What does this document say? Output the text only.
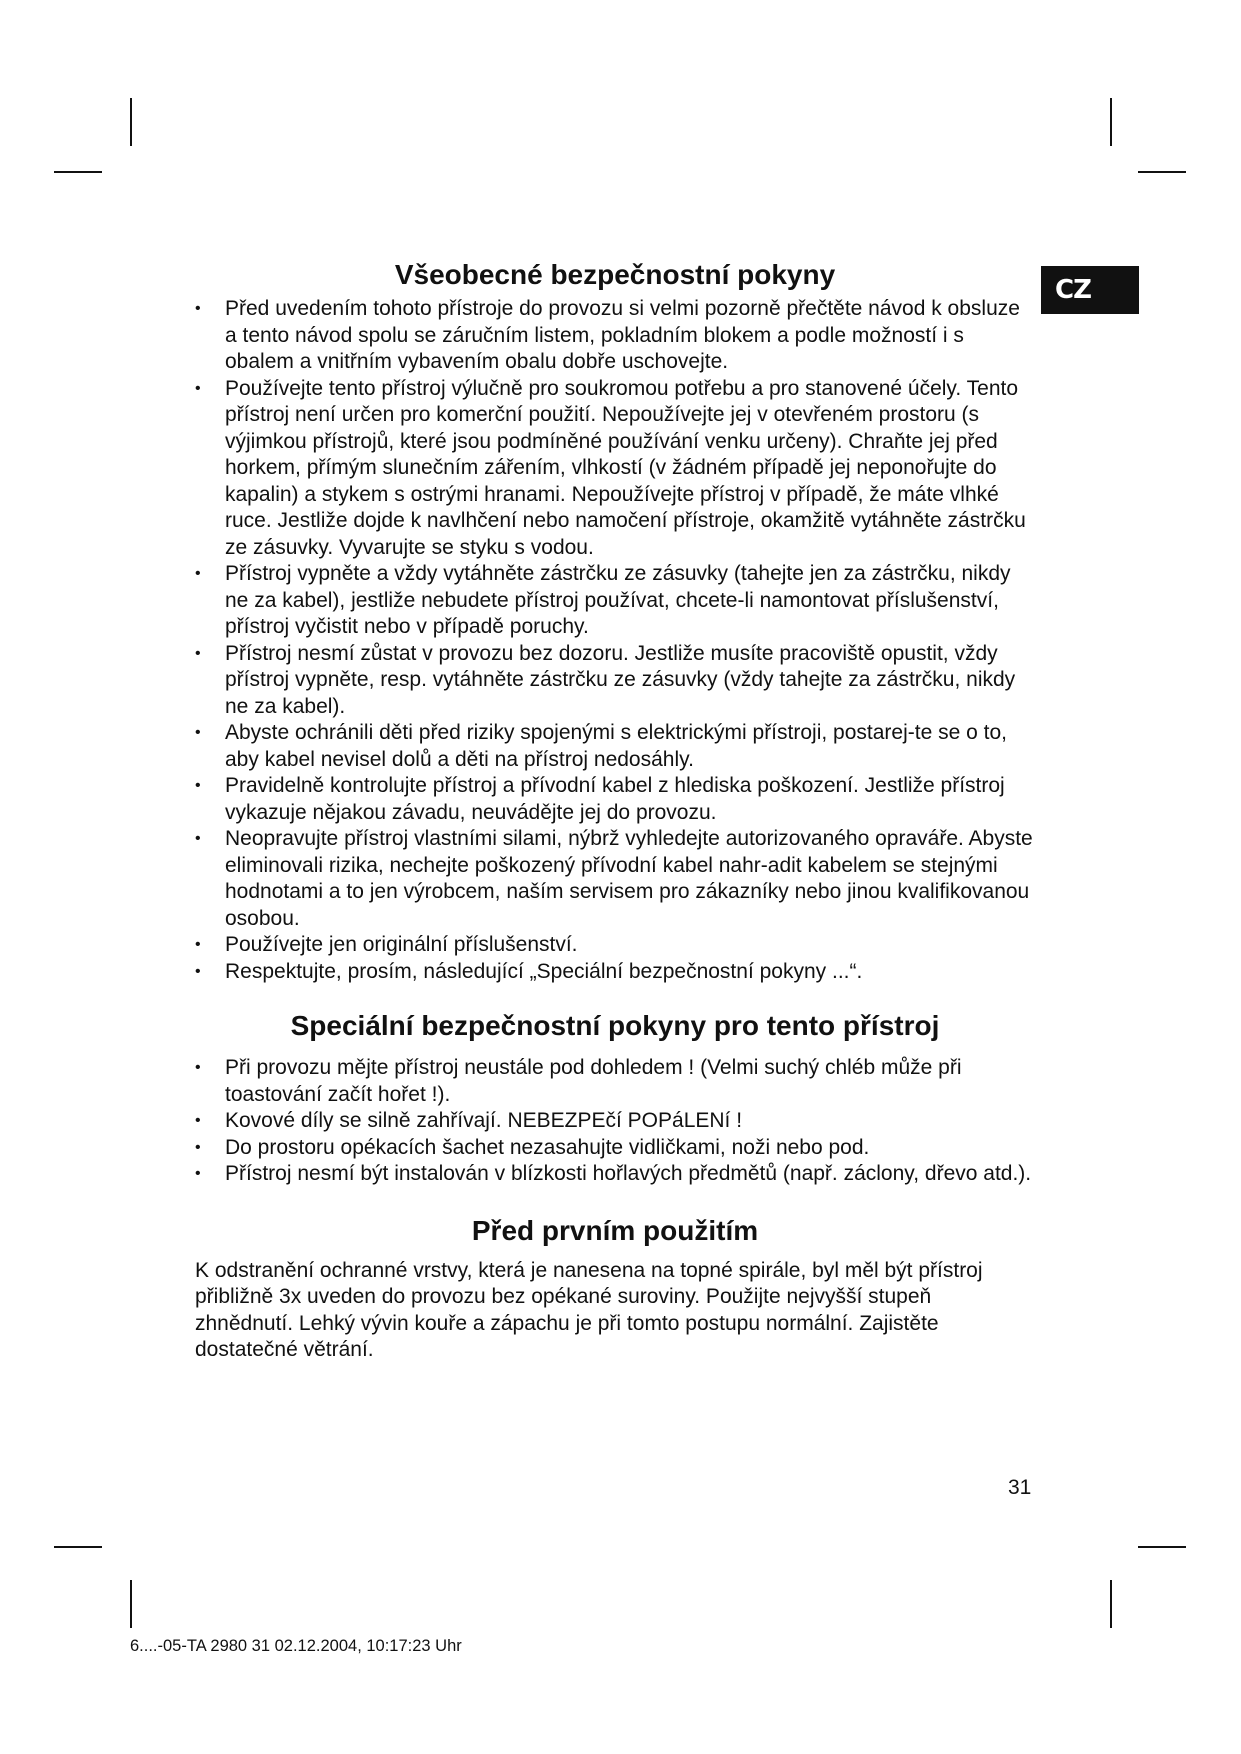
CZ
Všeobecné bezpečnostní pokyny
• Před uvedením tohoto přístroje do provozu si velmi pozorně přečtěte návod k obsluze a tento návod spolu se záručním listem, pokladním blokem a podle možností i s obalem a vnitřním vybavením obalu dobře uschovejte.
• Používejte tento přístroj výlučně pro soukromou potřebu a pro stanovené účely. Tento přístroj není určen pro komerční použití. Nepoužívejte jej v otevřeném prostoru (s výjimkou přístrojů, které jsou podmíněné používání venku určeny). Chraňte jej před horkem, přímým slunečním zářením, vlhkostí (v žádném případě jej neponořujte do kapalin) a stykem s ostrými hranami. Nepoužívejte přístroj v případě, že máte vlhké ruce. Jestliže dojde k navlhčení nebo namočení přístroje, okamžitě vytáhněte zástrčku ze zásuvky. Vyvarujte se styku s vodou.
• Přístroj vypněte a vždy vytáhněte zástrčku ze zásuvky (tahejte jen za zástrčku, nikdy ne za kabel), jestliže nebudete přístroj používat, chcete-li namontovat příslušenství, přístroj vyčistit nebo v případě poruchy.
• Přístroj nesmí zůstat v provozu bez dozoru. Jestliže musíte pracoviště opustit, vždy přístroj vypněte, resp. vytáhněte zástrčku ze zásuvky (vždy tahejte za zástrčku, nikdy ne za kabel).
• Abyste ochránili děti před riziky spojenými s elektrickými přístroji, postarej-te se o to, aby kabel nevisel dolů a děti na přístroj nedosáhly.
• Pravidelně kontrolujte přístroj a přívodní kabel z hlediska poškození. Jestliže přístroj vykazuje nějakou závadu, neuvádějte jej do provozu.
• Neopravujte přístroj vlastními silami, nýbrž vyhledejte autorizovaného opraváře. Abyste eliminovali rizika, nechejte poškozený přívodní kabel nahr-adit kabelem se stejnými hodnotami a to jen výrobcem, naším servisem pro zákazníky nebo jinou kvalifikovanou osobou.
• Používejte jen originální příslušenství.
• Respektujte, prosím, následující „Speciální bezpečnostní pokyny ...“.
Speciální bezpečnostní pokyny pro tento přístroj
• Při provozu mějte přístroj neustále pod dohledem ! (Velmi suchý chléb může při toastování začít hořet !).
• Kovové díly se silně zahřívají. NEBEZPEčí POPáLENí !
• Do prostoru opékacích šachet nezasahujte vidličkami, noži nebo pod.
• Přístroj nesmí být instalován v blízkosti hořlavých předmětů (např. záclony, dřevo atd.).
Před prvním použitím

K odstranění ochranné vrstvy, která je nanesena na topné spirále, byl měl být přístroj přibližně 3x uveden do provozu bez opékané suroviny. Použijte nejvyšší stupeň zhnědnutí. Lehký vývin kouře a zápachu je při tomto postupu normální. Zajistěte dostatečné větrání.

31
6....-05-TA 2980 31 02.12.2004, 10:17:23 Uhr
